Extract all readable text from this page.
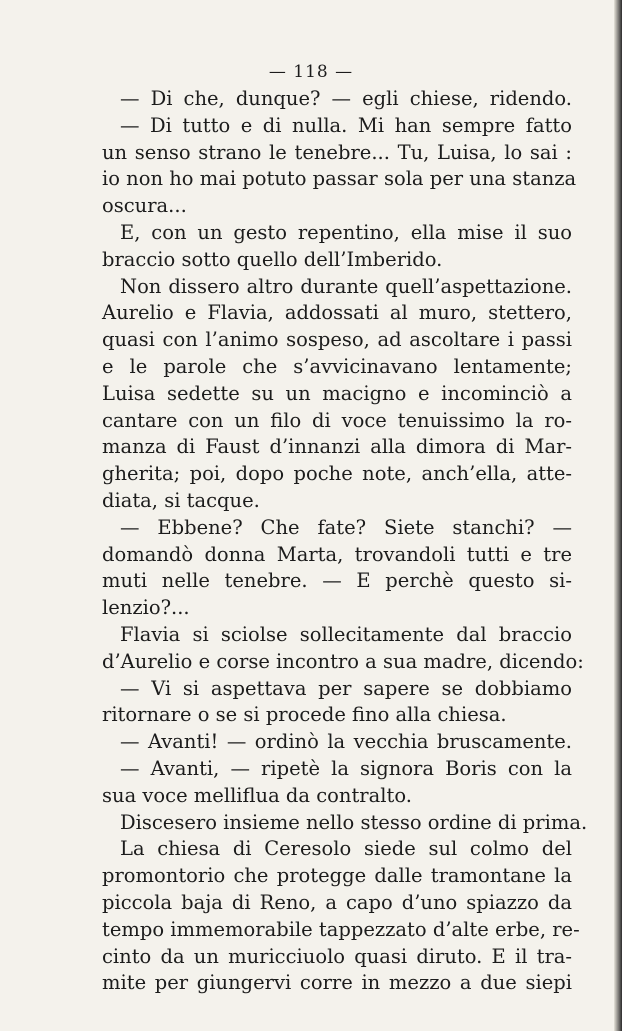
— 118 —
— Di che, dunque? — egli chiese, ridendo.
— Di tutto e di nulla. Mi han sempre fatto
un senso strano le tenebre... Tu, Luisa, lo sai :
io non ho mai potuto passar sola per una stanza
oscura...
E, con un gesto repentino, ella mise il suo
braccio sotto quello dell’Imberido.
Non dissero altro durante quell’aspettazione.
Aurelio e Flavia, addossati al muro, stettero,
quasi con l’animo sospeso, ad ascoltare i passi
e le parole che s’avvicinavano lentamente;
Luisa sedette su un macigno e incominciò a
cantare con un filo di voce tenuissimo la ro-
manza di Faust d’innanzi alla dimora di Mar-
gherita; poi, dopo poche note, anch’ella, atte-
diata, si tacque.
— Ebbene? Che fate? Siete stanchi? —
domandò donna Marta, trovandoli tutti e tre
muti nelle tenebre. — E perchè questo si-
lenzio?...
Flavia si sciolse sollecitamente dal braccio
d’Aurelio e corse incontro a sua madre, dicendo:
— Vi si aspettava per sapere se dobbiamo
ritornare o se si procede fino alla chiesa.
— Avanti! — ordinò la vecchia bruscamente.
— Avanti, — ripetè la signora Boris con la
sua voce melliflua da contralto.
Discesero insieme nello stesso ordine di prima.
La chiesa di Ceresolo siede sul colmo del
promontorio che protegge dalle tramontane la
piccola baja di Reno, a capo d’uno spiazzo da
tempo immemorabile tappezzato d’alte erbe, re-
cinto da un muricciuolo quasi diruto. E il tra-
mite per giungervi corre in mezzo a due siepi
